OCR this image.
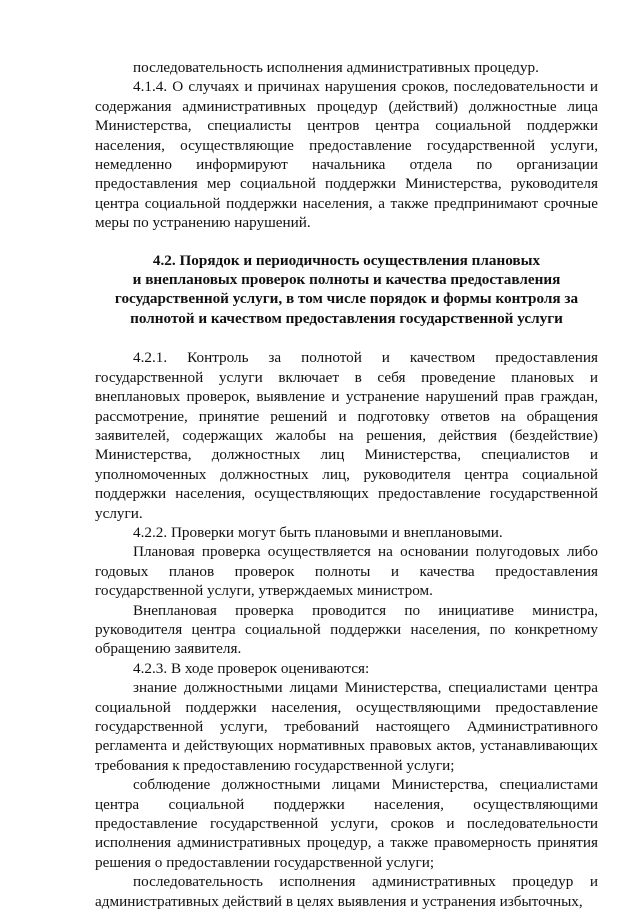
последовательность исполнения административных процедур.

4.1.4. О случаях и причинах нарушения сроков, последовательности и содержания административных процедур (действий) должностные лица Министерства, специалисты центров центра социальной поддержки населения, осуществляющие предоставление государственной услуги, немедленно информируют начальника отдела по организации предоставления мер социальной поддержки Министерства, руководителя центра социальной поддержки населения, а также предпринимают срочные меры по устранению нарушений.

4.2. Порядок и периодичность осуществления плановых
и внеплановых проверок полноты и качества предоставления
государственной услуги, в том числе порядок и формы контроля за
полнотой и качеством предоставления государственной услуги

4.2.1. Контроль за полнотой и качеством предоставления государственной услуги включает в себя проведение плановых и внеплановых проверок, выявление и устранение нарушений прав граждан, рассмотрение, принятие решений и подготовку ответов на обращения заявителей, содержащих жалобы на решения, действия (бездействие) Министерства, должностных лиц Министерства, специалистов и уполномоченных должностных лиц, руководителя центра социальной поддержки населения, осуществляющих предоставление государственной услуги.

4.2.2. Проверки могут быть плановыми и внеплановыми.

Плановая проверка осуществляется на основании полугодовых либо годовых планов проверок полноты и качества предоставления государственной услуги, утверждаемых министром.

Внеплановая проверка проводится по инициативе министра, руководителя центра социальной поддержки населения, по конкретному обращению заявителя.

4.2.3. В ходе проверок оцениваются:

знание должностными лицами Министерства, специалистами центра социальной поддержки населения, осуществляющими предоставление государственной услуги, требований настоящего Административного регламента и действующих нормативных правовых актов, устанавливающих требования к предоставлению государственной услуги;

соблюдение должностными лицами Министерства, специалистами центра социальной поддержки населения, осуществляющими предоставление государственной услуги, сроков и последовательности исполнения административных процедур, а также правомерность принятия решения о предоставлении государственной услуги;

последовательность исполнения административных процедур и административных действий в целях выявления и устранения избыточных,
